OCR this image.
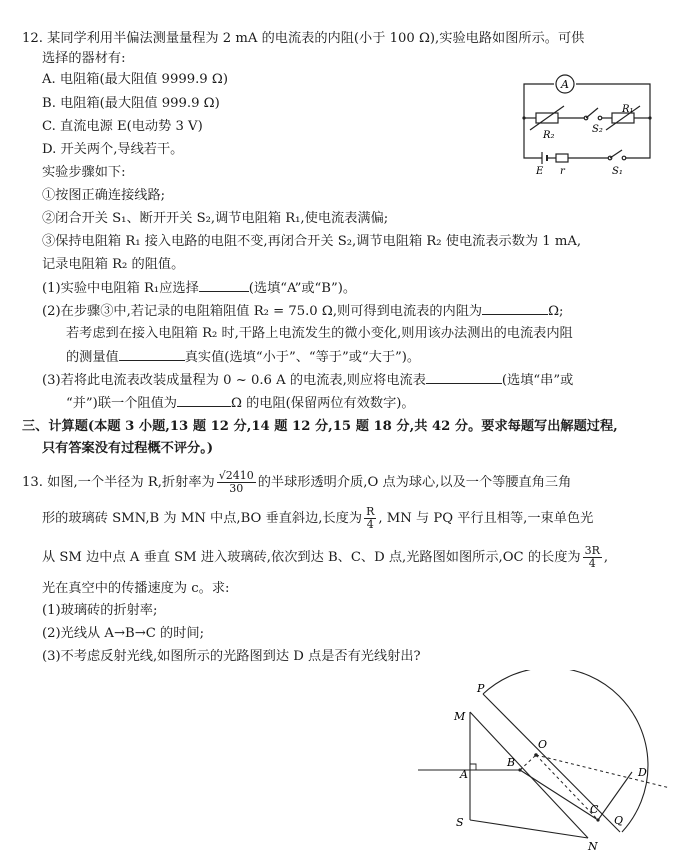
12. 某同学利用半偏法测量量程为 2 mA 的电流表的内阻(小于 100 Ω),实验电路如图所示。可供
选择的器材有:
A. 电阻箱(最大阻值 9999.9 Ω)
B. 电阻箱(最大阻值 999.9 Ω)
C. 直流电源 E(电动势 3 V)
D. 开关两个,导线若干。
实验步骤如下:
①按图正确连接线路;
②闭合开关 S₁、断开开关 S₂,调节电阻箱 R₁,使电流表满偏;
③保持电阻箱 R₁ 接入电路的电阻不变,再闭合开关 S₂,调节电阻箱 R₂ 使电流表示数为 1 mA,
记录电阻箱 R₂ 的阻值。
(1)实验中电阻箱 R₁应选择	(选填“A”或“B”)。
(2)在步骤③中,若记录的电阻箱阻值 R₂ = 75.0 Ω,则可得到电流表的内阻为	Ω;
若考虑到在接入电阻箱 R₂ 时,干路上电流发生的微小变化,则用该办法测出的电流表内阻
的测量值	真实值(选填“小于”、“等于”或“大于”)。
(3)若将此电流表改装成量程为 0 ~ 0.6 A 的电流表,则应将电流表	(选填“串”或
“并”)联一个阻值为	Ω 的电阻(保留两位有效数字)。
A
R₂
S₂
R₁
E r	S₁
三、计算题(本题 3 小题,13 题 12 分,14 题 12 分,15 题 18 分,共 42 分。要求每题写出解题过程,
只有答案没有过程概不评分。)
13. 如图,一个半径为 R,折射率为 $\frac{√2410}{30}$ 的半球形透明介质,O 点为球心,以及一个等腰直角三角
形的玻璃砖 SMN,B 为 MN 中点,BO 垂直斜边,长度为 $\frac{R}{4}$ , MN 与 PQ 平行且相等,一束单色光
从 SM 边中点 A 垂直 SM 进入玻璃砖,依次到达 B、C、D 点,光路图如图所示,OC 的长度为 $\frac{3R}{4}$ ,
光在真空中的传播速度为 c。求:
(1)玻璃砖的折射率;
(2)光线从 A→B→C 的时间;
(3)不考虑反射光线,如图所示的光路图到达 D 点是否有光线射出?
P
M
O
B
A	D
C
S	Q
N
